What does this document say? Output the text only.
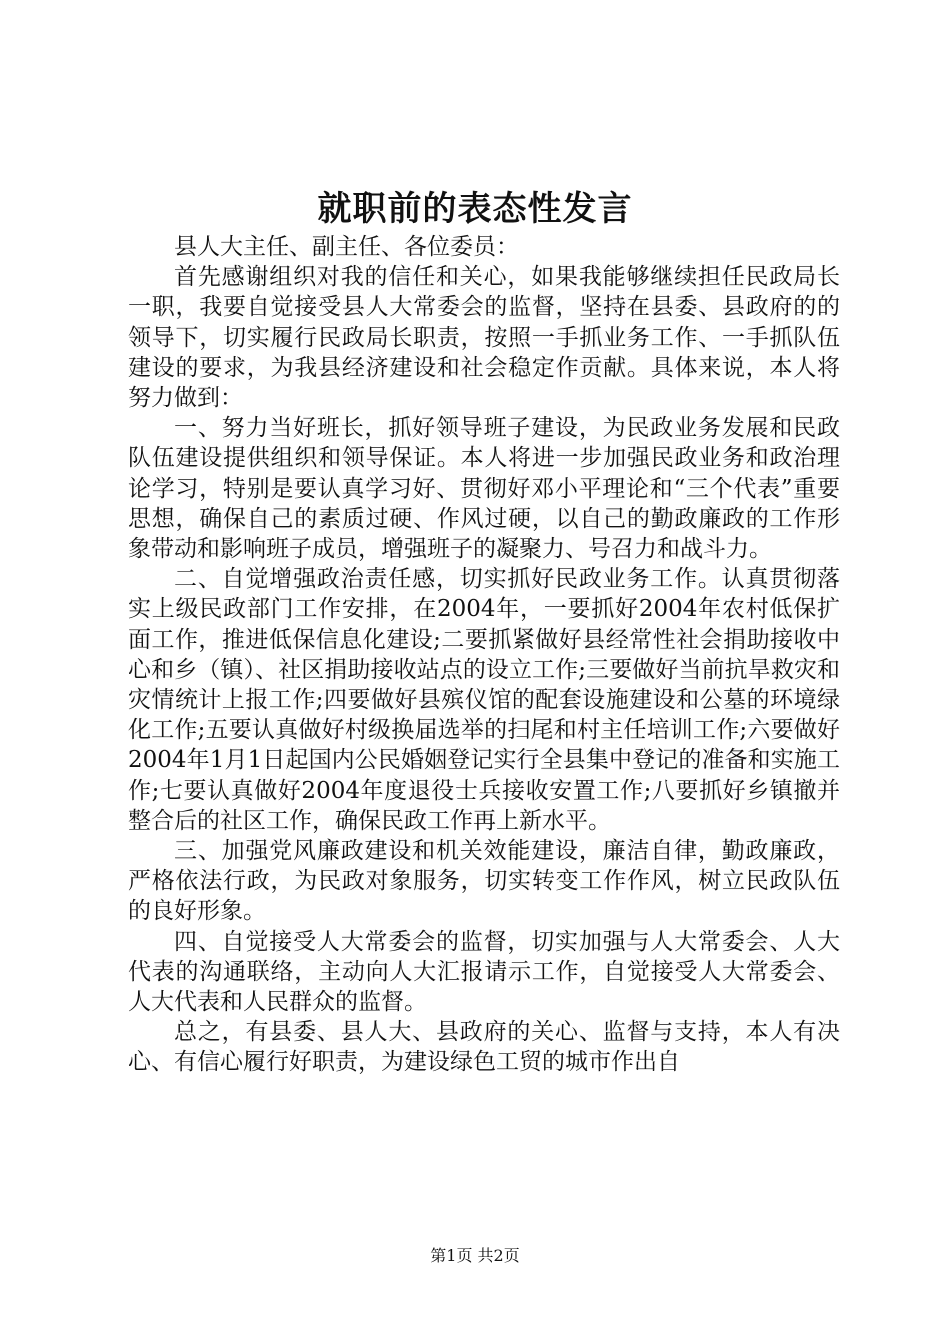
就职前的表态性发言

县人大主任、副主任、各位委员：

首先感谢组织对我的信任和关心，如果我能够继续担任民政局长一职，我要自觉接受县人大常委会的监督，坚持在县委、县政府的的领导下，切实履行民政局长职责，按照一手抓业务工作、一手抓队伍建设的要求，为我县经济建设和社会稳定作贡献。具体来说，本人将努力做到：

一、努力当好班长，抓好领导班子建设，为民政业务发展和民政队伍建设提供组织和领导保证。本人将进一步加强民政业务和政治理论学习，特别是要认真学习好、贯彻好邓小平理论和“三个代表”重要思想，确保自己的素质过硬、作风过硬，以自己的勤政廉政的工作形象带动和影响班子成员，增强班子的凝聚力、号召力和战斗力。

二、自觉增强政治责任感，切实抓好民政业务工作。认真贯彻落实上级民政部门工作安排，在2004年，一要抓好2004年农村低保扩面工作，推进低保信息化建设;二要抓紧做好县经常性社会捐助接收中心和乡（镇）、社区捐助接收站点的设立工作;三要做好当前抗旱救灾和灾情统计上报工作;四要做好县殡仪馆的配套设施建设和公墓的环境绿化工作;五要认真做好村级换届选举的扫尾和村主任培训工作;六要做好2004年1月1日起国内公民婚姻登记实行全县集中登记的准备和实施工作;七要认真做好2004年度退役士兵接收安置工作;八要抓好乡镇撤并整合后的社区工作，确保民政工作再上新水平。

三、加强党风廉政建设和机关效能建设，廉洁自律，勤政廉政，严格依法行政，为民政对象服务，切实转变工作作风，树立民政队伍的良好形象。

四、自觉接受人大常委会的监督，切实加强与人大常委会、人大代表的沟通联络，主动向人大汇报请示工作，自觉接受人大常委会、人大代表和人民群众的监督。

总之，有县委、县人大、县政府的关心、监督与支持，本人有决心、有信心履行好职责，为建设绿色工贸的城市作出自

第1页 共2页
